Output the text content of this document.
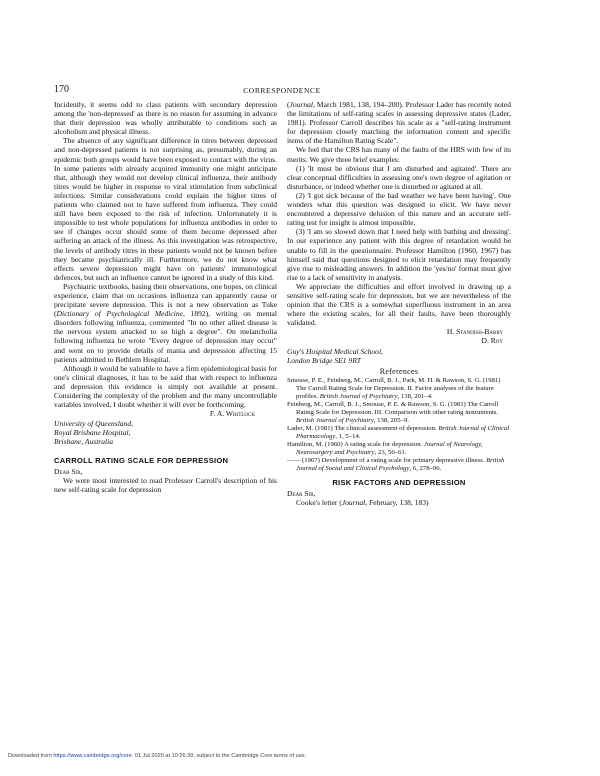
170	CORRESPONDENCE

Incidently, it seems odd to class patients with secondary depression among the 'non-depressed' as there is no reason for assuming in advance that their depression was wholly attributable to conditions such as alcoholism and physical illness.

The absence of any significant difference in titres between depressed and non-depressed patients is not surprising as, presumably, during an epidemic both groups would have been exposed to contact with the virus. In some patients with already acquired immunity one might anticipate that, although they would not develop clinical influenza, their antibody titres would be higher in response to viral stimulation from subclinical infections. Similar considerations could explain the higher titres of patients who claimed not to have suffered from influenza. They could still have been exposed to the risk of infection. Unfortunately it is impossible to test whole populations for influenza antibodies in order to see if changes occur should some of them become depressed after suffering an attack of the illness. As this investigation was retrospective, the levels of antibody titres in these patients would not be known before they became psychiatrically ill. Furthermore, we do not know what effects severe depression might have on patients' immunological defences, but such an influence cannot be ignored in a study of this kind.

Psychiatric textbooks, basing their observations, one hopes, on clinical experience, claim that on occasions influenza can apparently cause or precipitate severe depression. This is not a new observation as Tuke (Dictionary of Psychological Medicine, 1892), writing on mental disorders following influenza, commented "In no other allied disease is the nervous system attacked to so high a degree". On melancholia following influenza he wrote "Every degree of depression may occur" and went on to provide details of mania and depression affecting 15 patients admitted to Bethlem Hospital.

Although it would be valuable to have a firm epidemiological basis for one's clinical diagnoses, it has to be said that with respect to influenza and depression this evidence is simply not available at present. Considering the complexity of the problem and the many uncontrollable variables involved, I doubt whether it will ever be forthcoming.

F. A. Whitlock

University of Queensland,
Royal Brisbane Hospital,
Brisbane, Australia
CARROLL RATING SCALE FOR DEPRESSION

Dear Sir,

We were most interested to read Professor Carroll's description of his new self-rating scale for depression

(Journal, March 1981, 138, 194–200). Professor Lader has recently noted the limitations of self-rating scales in assessing depressive states (Lader, 1981). Professor Carroll describes his scale as a "self-rating instrument for depression closely matching the information content and specific items of the Hamilton Rating Scale".

We feel that the CRS has many of the faults of the HRS with few of its merits. We give three brief examples:

(1) 'It must be obvious that I am disturbed and agitated'. There are clear conceptual difficulties in assessing one's own degree of agitation or disturbance, or indeed whether one is disturbed or agitated at all.

(2) 'I got sick because of the bad weather we have been having'. One wonders what this question was designed to elicit. We have never encountered a depressive delusion of this nature and an accurate self-rating test for insight is almost impossible.

(3) 'I am so slowed down that I need help with bathing and dressing'. In our experience any patient with this degree of retardation would be unable to fill in the questionnaire. Professor Hamilton (1960, 1967) has himself said that questions designed to elicit retardation may frequently give rise to misleading answers. In addition the 'yes/no' format must give rise to a lack of sensitivity in analysis.

We appreciate the difficulties and effort involved in drawing up a sensitive self-rating scale for depression, but we are nevertheless of the opinion that the CRS is a somewhat superfluous instrument in an area where the existing scales, for all their faults, have been thoroughly validated.

H. Standish-Barry

D. Roy

Guy's Hospital Medical School,
London Bridge SE1 9RT
References

Smouse, P. E., Feinberg, M., Carroll, B. J., Park, M. H. & Rawson, S. G. (1981) The Carroll Rating Scale for Depression. II. Factor analyses of the feature profiles. British Journal of Psychiatry, 138, 201–4.

Feinberg, M., Carroll, B. J., Smouse, P. E. & Rawson, S. G. (1981) The Carroll Rating Scale for Depression. III. Comparison with other rating instruments. British Journal of Psychiatry, 138, 205–9.

Lader, M. (1981) The clinical assessment of depression. British Journal of Clinical Pharmacology, 1, 5–14.

Hamilton, M. (1960) A rating scale for depression. Journal of Neurology, Neurosurgery and Psychiatry, 23, 56–61.

—— (1967) Development of a rating scale for primary depressive illness. British Journal of Social and Clinical Psychology, 6, 278–96.

RISK FACTORS AND DEPRESSION

Dear Sir,

Cooke's letter (Journal, February, 138, 183)

Downloaded from https://www.cambridge.org/core. 01 Jul 2020 at 10:26:39, subject to the Cambridge Core terms of use.
